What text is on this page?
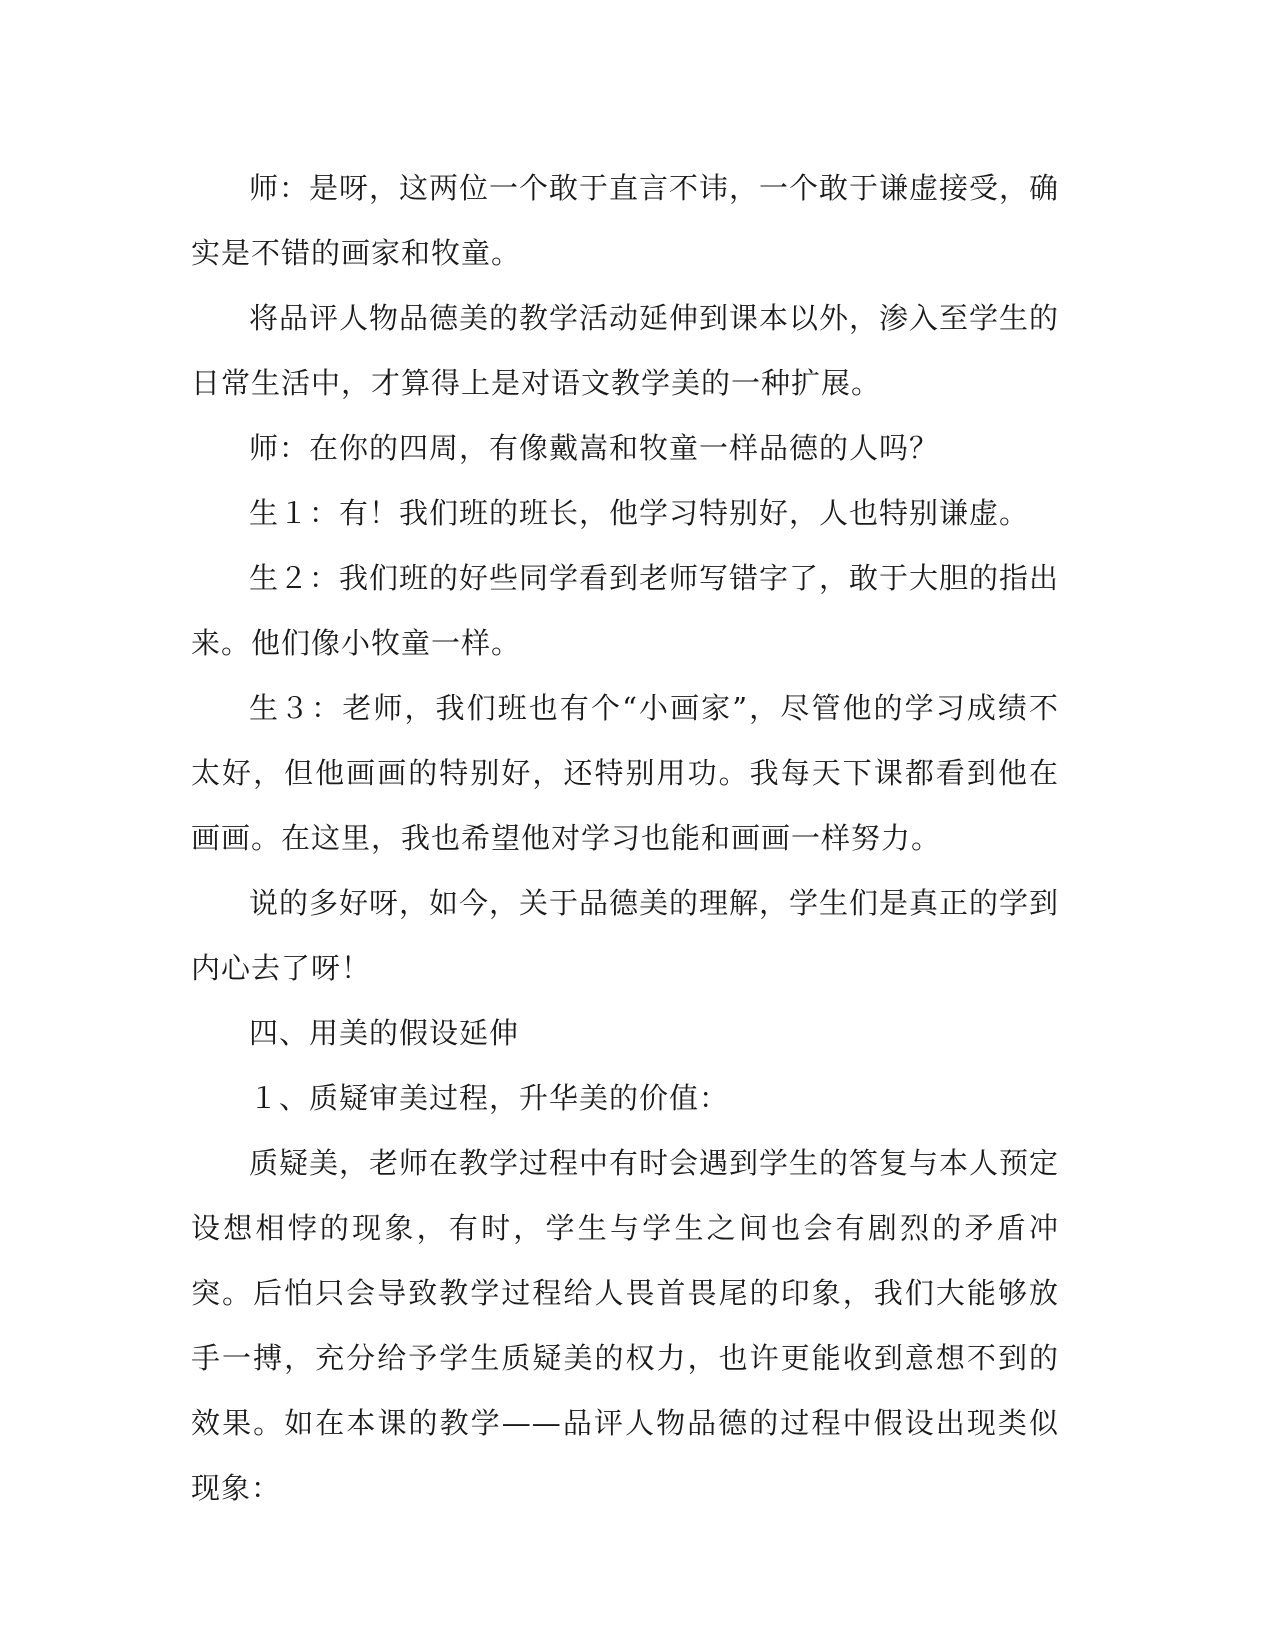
师：是呀，这两位一个敢于直言不讳，一个敢于谦虚接受，确实是不错的画家和牧童。

将品评人物品德美的教学活动延伸到课本以外，渗入至学生的日常生活中，才算得上是对语文教学美的一种扩展。

师：在你的四周，有像戴嵩和牧童一样品德的人吗？

生１：有！我们班的班长，他学习特别好，人也特别谦虚。

生２：我们班的好些同学看到老师写错字了，敢于大胆的指出来。他们像小牧童一样。

生３：老师，我们班也有个“小画家”，尽管他的学习成绩不太好，但他画画的特别好，还特别用功。我每天下课都看到他在画画。在这里，我也希望他对学习也能和画画一样努力。

说的多好呀，如今，关于品德美的理解，学生们是真正的学到内心去了呀！

四、用美的假设延伸

１、质疑审美过程，升华美的价值：

质疑美，老师在教学过程中有时会遇到学生的答复与本人预定设想相悖的现象，有时，学生与学生之间也会有剧烈的矛盾冲突。后怕只会导致教学过程给人畏首畏尾的印象，我们大能够放手一搏，充分给予学生质疑美的权力，也许更能收到意想不到的效果。如在本课的教学——品评人物品德的过程中假设出现类似现象：
